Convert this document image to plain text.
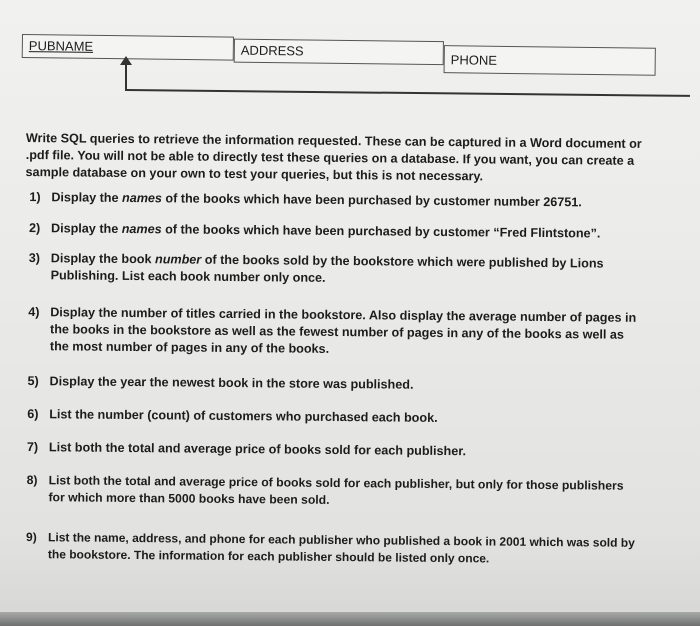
PUBNAME	ADDRESS
PHONE

Write SQL queries to retrieve the information requested. These can be captured in a Word document or .pdf file. You will not be able to directly test these queries on a database. If you want, you can create a sample database on your own to test your queries, but this is not necessary.

1) Display the names of the books which have been purchased by customer number 26751.
2) Display the names of the books which have been purchased by customer “Fred Flintstone”.
3) Display the book number of the books sold by the bookstore which were published by Lions Publishing. List each book number only once.
4) Display the number of titles carried in the bookstore. Also display the average number of pages in the books in the bookstore as well as the fewest number of pages in any of the books as well as the most number of pages in any of the books.
5) Display the year the newest book in the store was published.
6) List the number (count) of customers who purchased each book.
7) List both the total and average price of books sold for each publisher.
8) List both the total and average price of books sold for each publisher, but only for those publishers for which more than 5000 books have been sold.
9) List the name, address, and phone for each publisher who published a book in 2001 which was sold by the bookstore. The information for each publisher should be listed only once.
